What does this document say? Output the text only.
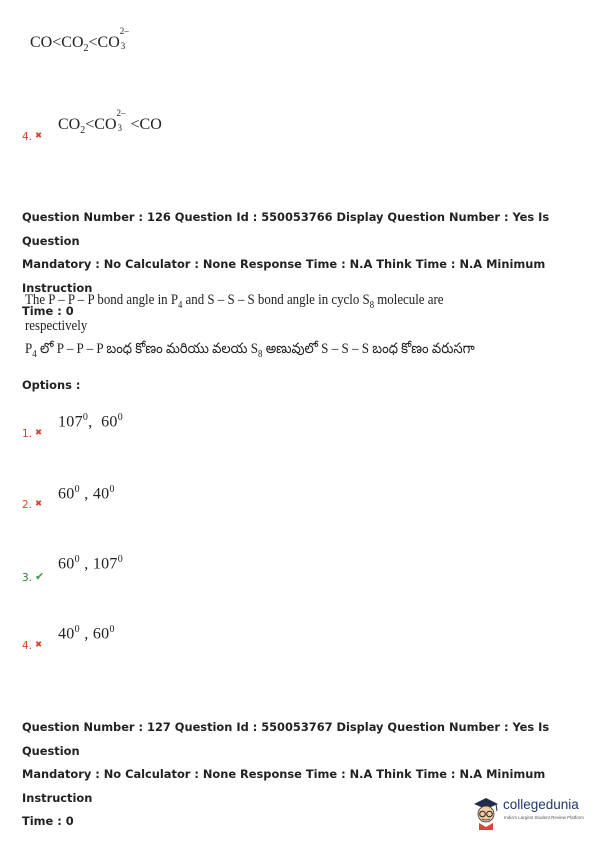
$CO<CO_2<CO$
2–
3
4. ✖
$CO_2<CO$
2–
3 <CO
Question Number : 126 Question Id : 550053766 Display Question Number : Yes Is Question
Mandatory : No Calculator : None Response Time : N.A Think Time : N.A Minimum Instruction
Time : 0
The P – P – P bond angle in $P_4$ and S – S – S bond angle in cyclo $S_8$ molecule are
respectively
$P_4$ లో P – P – P బంధ కోణం మరియు వలయ $S_8$ అణువులో S – S – S బంధ కోణం వరుసగా
Options :
1. ✖
$107^0$,  $60^0$
2. ✖
$60^0$ , $40^0$
3. ✔
$60^0$ , $107^0$
4. ✖
$40^0$ , $60^0$
Question Number : 127 Question Id : 550053767 Display Question Number : Yes Is Question
Mandatory : No Calculator : None Response Time : N.A Think Time : N.A Minimum Instruction
Time : 0
collegedunia
India's Largest Student Review Platform
